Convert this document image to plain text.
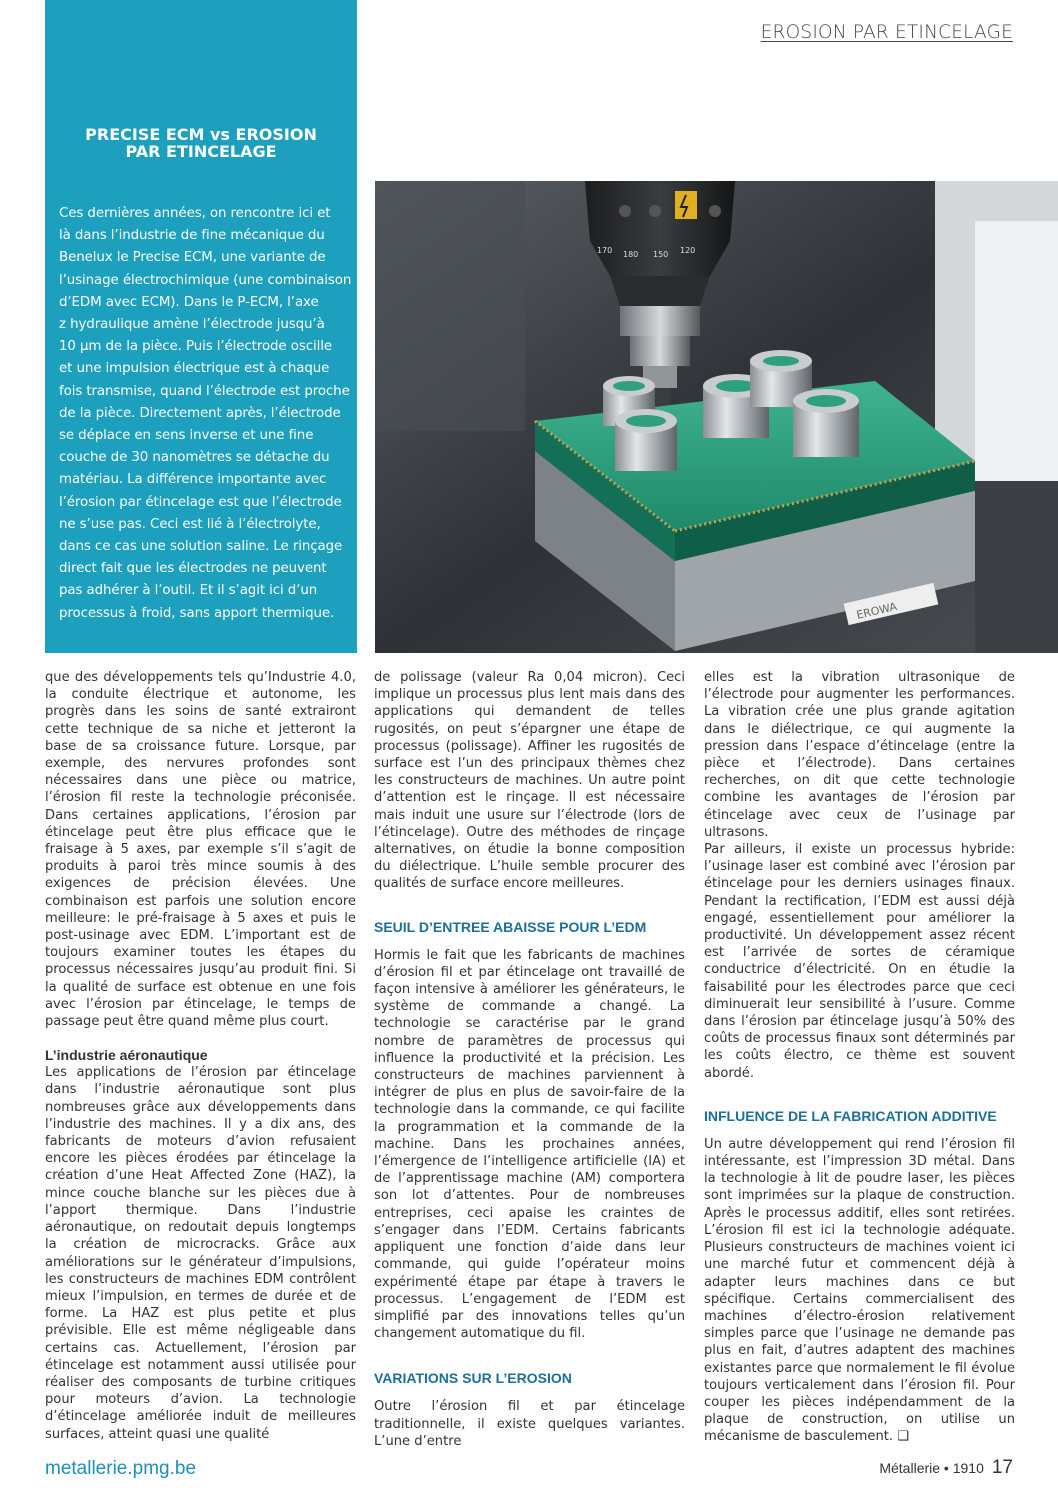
EROSION PAR ETINCELAGE
PRECISE ECM vs EROSION
PAR ETINCELAGE

Ces dernières années, on rencontre ici et

là dans l’industrie de fine mécanique du

Benelux le Precise ECM, une variante de

l’usinage électrochimique (une combinaison

d’EDM avec ECM). Dans le P-ECM, l’axe

z hydraulique amène l’électrode jusqu’à

10 μm de la pièce. Puis l’électrode oscille

et une impulsion électrique est à chaque

fois transmise, quand l’électrode est proche

de la pièce. Directement après, l’électrode

se déplace en sens inverse et une fine

couche de 30 nanomètres se détache du

matériau. La différence importante avec

l’érosion par étincelage est que l’électrode

ne s’use pas. Ceci est lié à l’électrolyte,

dans ce cas une solution saline. Le rinçage

direct fait que les électrodes ne peuvent

pas adhérer à l’outil. Et il s’agit ici d’un

processus à froid, sans apport thermique.

170 180 150 120
EROWA

que des développements tels qu’Industrie 4.0, la conduite électrique et autonome, les progrès dans les soins de santé extrairont cette technique de sa niche et jetteront la base de sa croissance future. Lorsque, par exemple, des nervures profondes sont nécessaires dans une pièce ou matrice, l’érosion fil reste la technologie préconisée. Dans certaines applications, l’érosion par étincelage peut être plus efficace que le fraisage à 5 axes, par exemple s’il s’agit de produits à paroi très mince soumis à des exigences de précision élevées. Une combinaison est parfois une solution encore meilleure: le pré-fraisage à 5 axes et puis le post-usinage avec EDM. L’important est de toujours examiner toutes les étapes du processus nécessaires jusqu’au produit fini. Si la qualité de surface est obtenue en une fois avec l’érosion par étincelage, le temps de passage peut être quand même plus court.

L’industrie aéronautique

Les applications de l’érosion par étincelage dans l’industrie aéronautique sont plus nombreuses grâce aux développements dans l’industrie des machines. Il y a dix ans, des fabricants de moteurs d’avion refusaient encore les pièces érodées par étincelage la création d’une Heat Affected Zone (HAZ), la mince couche blanche sur les pièces due à l’apport thermique. Dans l’industrie aéronautique, on redoutait depuis longtemps la création de microcracks. Grâce aux améliorations sur le générateur d’impulsions, les constructeurs de machines EDM contrôlent mieux l’impulsion, en termes de durée et de forme. La HAZ est plus petite et plus prévisible. Elle est même négligeable dans certains cas. Actuellement, l’érosion par étincelage est notamment aussi utilisée pour réaliser des composants de turbine critiques pour moteurs d’avion. La technologie d’étincelage améliorée induit de meilleures surfaces, atteint quasi une qualité

de polissage (valeur Ra 0,04 micron). Ceci implique un processus plus lent mais dans des applications qui demandent de telles rugosités, on peut s’épargner une étape de processus (polissage). Affiner les rugosités de surface est l’un des principaux thèmes chez les constructeurs de machines. Un autre point d’attention est le rinçage. Il est nécessaire mais induit une usure sur l’électrode (lors de l’étincelage). Outre des méthodes de rinçage alternatives, on étudie la bonne composition du diélectrique. L’huile semble procurer des qualités de surface encore meilleures.

SEUIL D’ENTREE ABAISSE POUR L’EDM

Hormis le fait que les fabricants de machines d’érosion fil et par étincelage ont travaillé de façon intensive à améliorer les générateurs, le système de commande a changé. La technologie se caractérise par le grand nombre de paramètres de processus qui influence la productivité et la précision. Les constructeurs de machines parviennent à intégrer de plus en plus de savoir-faire de la technologie dans la commande, ce qui facilite la programmation et la commande de la machine. Dans les prochaines années, l’émergence de l’intelligence artificielle (IA) et de l’apprentissage machine (AM) comportera son lot d’attentes. Pour de nombreuses entreprises, ceci apaise les craintes de s’engager dans l’EDM. Certains fabricants appliquent une fonction d’aide dans leur commande, qui guide l’opérateur moins expérimenté étape par étape à travers le processus. L’engagement de l’EDM est simplifié par des innovations telles qu’un changement automatique du fil.

VARIATIONS SUR L’EROSION

Outre l’érosion fil et par étincelage traditionnelle, il existe quelques variantes. L’une d’entre

elles est la vibration ultrasonique de l’électrode pour augmenter les performances. La vibration crée une plus grande agitation dans le diélectrique, ce qui augmente la pression dans l’espace d’étincelage (entre la pièce et l’électrode). Dans certaines recherches, on dit que cette technologie combine les avantages de l’érosion par étincelage avec ceux de l’usinage par ultrasons.

Par ailleurs, il existe un processus hybride: l’usinage laser est combiné avec l’érosion par étincelage pour les derniers usinages finaux. Pendant la rectification, l’EDM est aussi déjà engagé, essentiellement pour améliorer la productivité. Un développement assez récent est l’arrivée de sortes de céramique conductrice d’électricité. On en étudie la faisabilité pour les électrodes parce que ceci diminuerait leur sensibilité à l’usure. Comme dans l’érosion par étincelage jusqu’à 50% des coûts de processus finaux sont déterminés par les coûts électro, ce thème est souvent abordé.

INFLUENCE DE LA FABRICATION ADDITIVE

Un autre développement qui rend l’érosion fil intéressante, est l’impression 3D métal. Dans la technologie à lit de poudre laser, les pièces sont imprimées sur la plaque de construction. Après le processus additif, elles sont retirées. L’érosion fil est ici la technologie adéquate. Plusieurs constructeurs de machines voient ici une marché futur et commencent déjà à adapter leurs machines dans ce but spécifique. Certains commercialisent des machines d’électro-érosion relativement simples parce que l’usinage ne demande pas plus en fait, d’autres adaptent des machines existantes parce que normalement le fil évolue toujours verticalement dans l’érosion fil. Pour couper les pièces indépendamment de la plaque de construction, on utilise un mécanisme de basculement. ❑

metallerie.pmg.be	Métallerie • 1910 17
